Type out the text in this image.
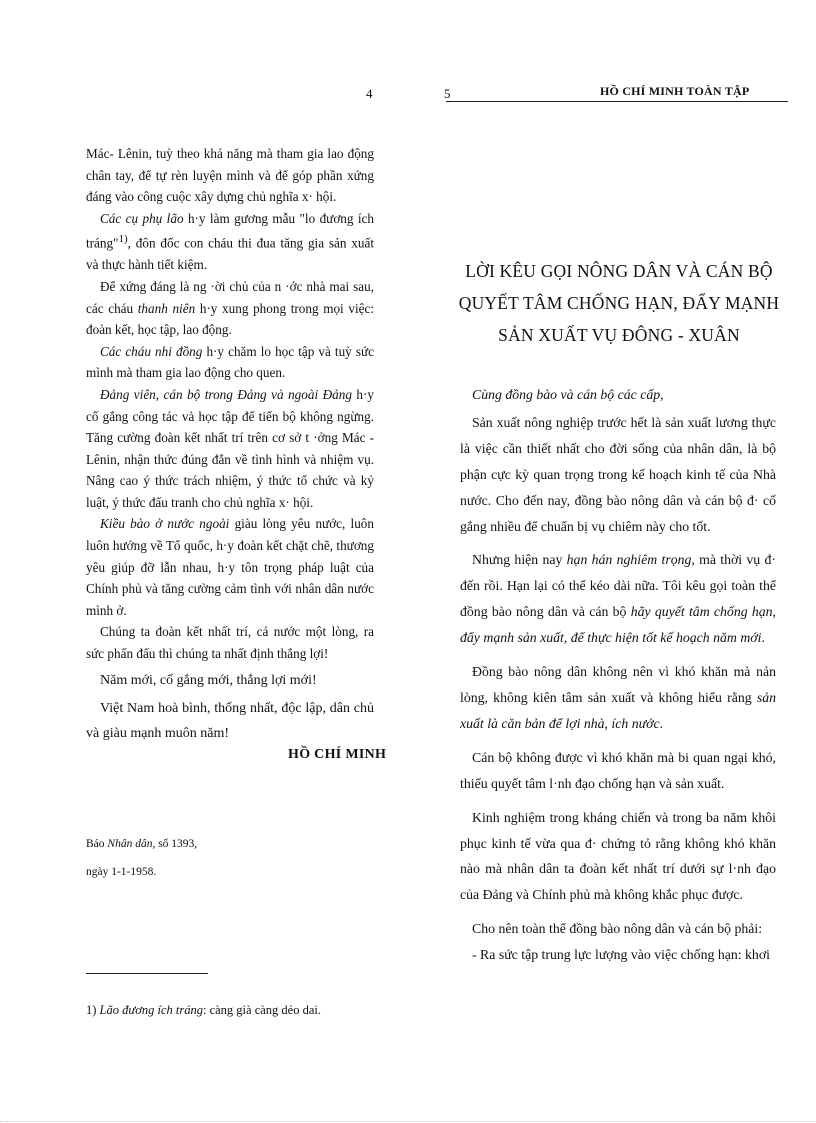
4

Mác- Lênin, tuỳ theo khả năng mà tham gia lao động chân tay, để tự rèn luyện mình và để góp phần xứng đáng vào công cuộc xây dựng chủ nghĩa x· hội.

Các cụ phụ lão h·y làm gương mẫu "lo đương ích tráng"$^{1)}$, đôn đốc con cháu thi đua tăng gia sản xuất và thực hành tiết kiệm.

Để xứng đáng là ng ·ời chủ của n ·ớc nhà mai sau, các cháu thanh niên h·y xung phong trong mọi việc: đoàn kết, học tập, lao động.

Các cháu nhi đồng h·y chăm lo học tập và tuỳ sức mình mà tham gia lao động cho quen.

Đảng viên, cán bộ trong Đảng và ngoài Đảng h·y cố gắng công tác và học tập để tiến bộ không ngừng. Tăng cường đoàn kết nhất trí trên cơ sở t ·ởng Mác - Lênin, nhận thức đúng đắn về tình hình và nhiệm vụ. Nâng cao ý thức trách nhiệm, ý thức tổ chức và kỷ luật, ý thức đấu tranh cho chủ nghĩa x· hội.

Kiều bào ở nước ngoài giàu lòng yêu nước, luôn luôn hướng về Tổ quốc, h·y đoàn kết chặt chẽ, thương yêu giúp đỡ lẫn nhau, h·y tôn trọng pháp luật của Chính phủ và tăng cường cảm tình với nhân dân nước mình ở.

Chúng ta đoàn kết nhất trí, cả nước một lòng, ra sức phấn đấu thì chúng ta nhất định thắng lợi!

Năm mới, cố gắng mới, thắng lợi mới!

Việt Nam hoà bình, thống nhất, độc lập, dân chủ và giàu mạnh muôn năm!

HỒ CHÍ MINH
Báo Nhân dân, số 1393,
ngày 1-1-1958.
1) Lão đương ích tráng: càng già càng dẻo dai.
5	HỒ CHÍ MINH TOÀN TẬP
LỜI KÊU GỌI NÔNG DÂN VÀ CÁN BỘ
QUYẾT TÂM CHỐNG HẠN, ĐẨY MẠNH
SẢN XUẤT VỤ ĐÔNG - XUÂN

Cùng đồng bào và cán bộ các cấp,

Sản xuất nông nghiệp trước hết là sản xuất lương thực là việc cần thiết nhất cho đời sống của nhân dân, là bộ phận cực kỳ quan trọng trong kế hoạch kinh tế của Nhà nước. Cho đến nay, đồng bào nông dân và cán bộ đ· cố gắng nhiều để chuẩn bị vụ chiêm này cho tốt.

Nhưng hiện nay hạn hán nghiêm trọng, mà thời vụ đ· đến rồi. Hạn lại có thể kéo dài nữa. Tôi kêu gọi toàn thể đồng bào nông dân và cán bộ hãy quyết tâm chống hạn, đẩy mạnh sản xuất, để thực hiện tốt kế hoạch năm mới.

Đồng bào nông dân không nên vì khó khăn mà nản lòng, không kiên tâm sản xuất và không hiểu rằng sản xuất là căn bản để lợi nhà, ích nước.

Cán bộ không được vì khó khăn mà bi quan ngại khó, thiếu quyết tâm l·nh đạo chống hạn và sản xuất.

Kinh nghiệm trong kháng chiến và trong ba năm khôi phục kinh tế vừa qua đ· chứng tỏ rằng không khó khăn nào mà nhân dân ta đoàn kết nhất trí dưới sự l·nh đạo của Đảng và Chính phủ mà không khắc phục được.

Cho nên toàn thể đồng bào nông dân và cán bộ phải:

- Ra sức tập trung lực lượng vào việc chống hạn: khơi
